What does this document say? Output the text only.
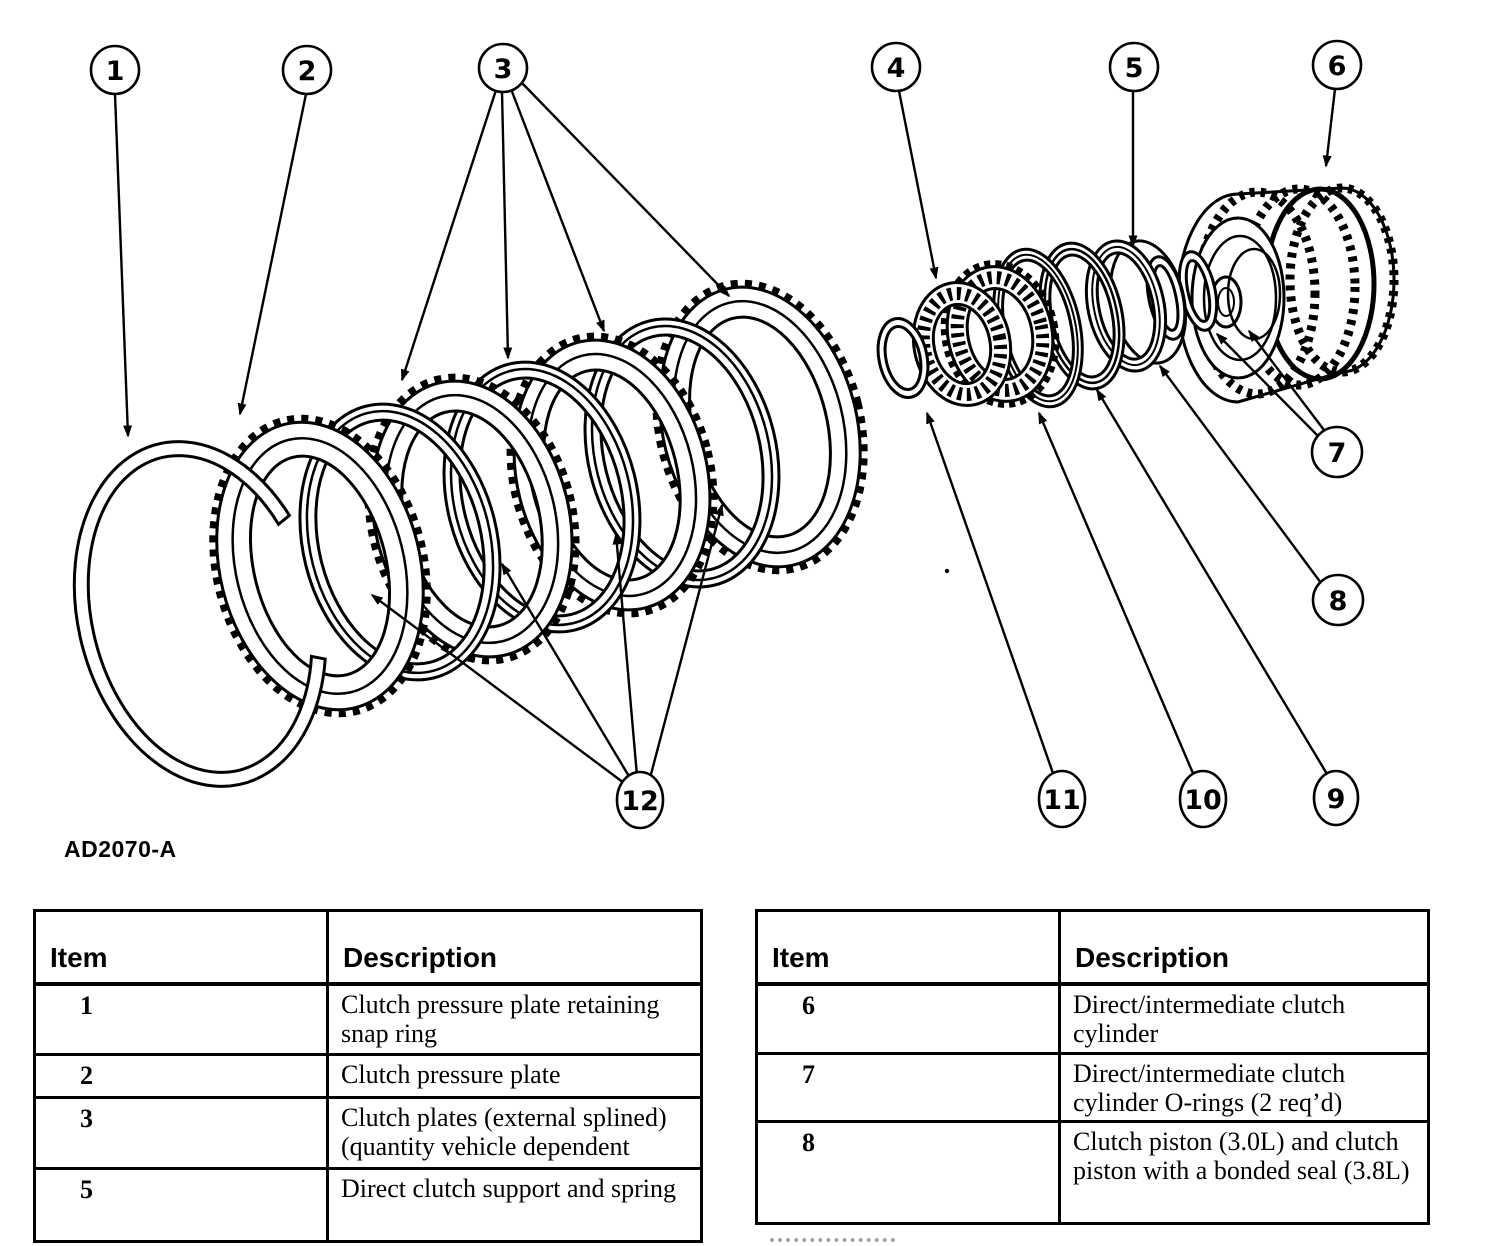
1	2	3	4	5	6
7
8
9
10
11
12
AD2070-A
Item	Description
1	Clutch pressure plate retaining snap ring
2	Clutch pressure plate
3	Clutch plates (external splined) (quantity vehicle dependent
5	Direct clutch support and spring
Item	Description
6	Direct/intermediate clutch cylinder
7	Direct/intermediate clutch cylinder O-rings (2 req’d)
8	Clutch piston (3.0L) and clutch piston with a bonded seal (3.8L)
